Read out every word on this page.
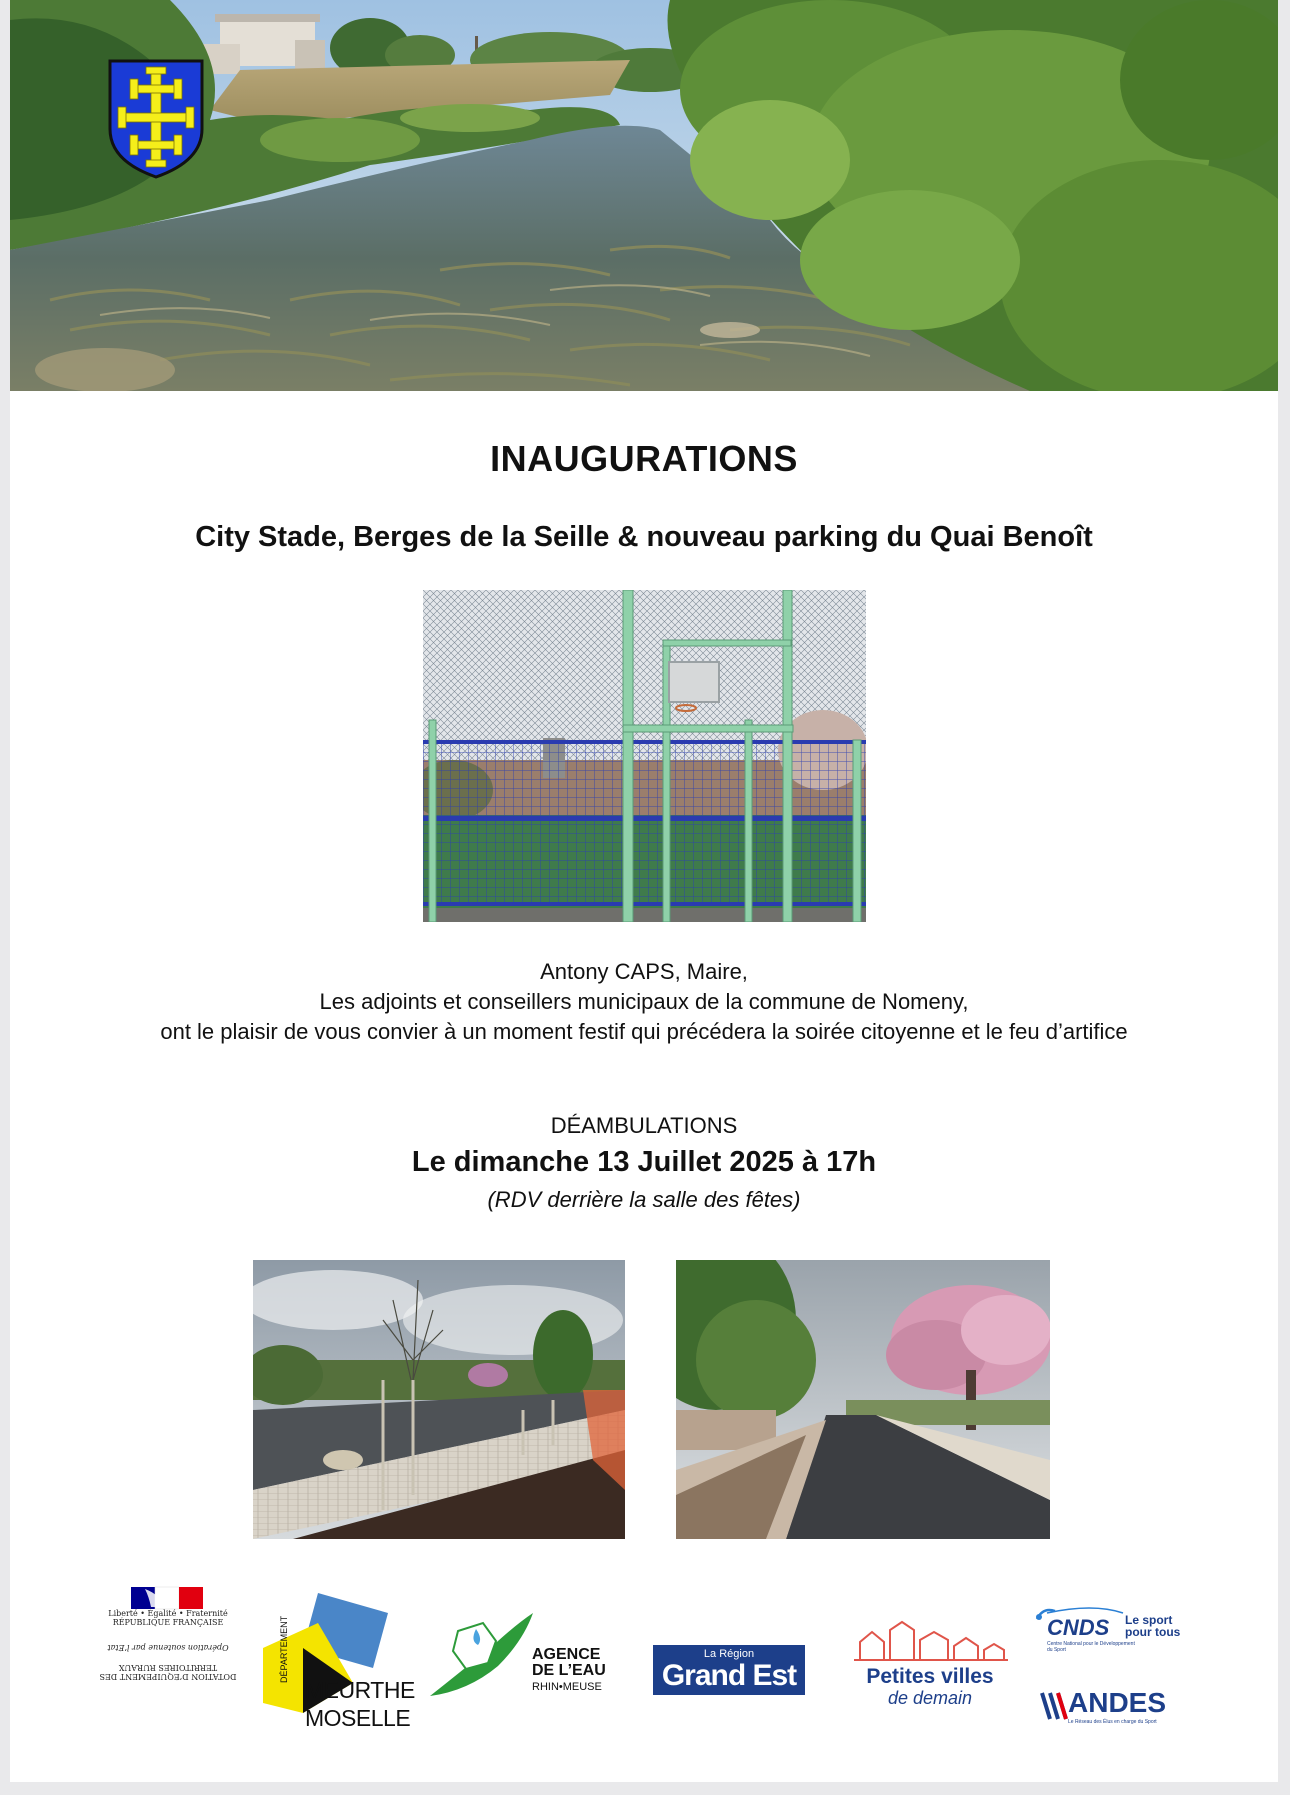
INAUGURATIONS
City Stade, Berges de la Seille & nouveau parking du Quai Benoît
Antony CAPS, Maire,
Les adjoints et conseillers municipaux de la commune de Nomeny,
ont le plaisir de vous convier à un moment festif qui précédera la soirée citoyenne et le feu d’artifice
DÉAMBULATIONS
Le dimanche 13 Juillet 2025 à 17h
(RDV derrière la salle des fêtes)
Liberté • Égalité • Fraternité
RÉPUBLIQUE FRANÇAISE
Opération soutenue par l’État
DOTATION D’ÉQUIPEMENT DES TERRITOIRES RURAUX	DÉPARTEMENT
MEURTHE
MOSELLE
AGENCE
DE L’EAU
RHIN•MEUSE
La Région
Grand Est	Petites villes
de demain
CNDS Le sport pour tous
Centre National pour le Développement du Sport
ANDES
Le Réseau des Élus en charge du Sport
